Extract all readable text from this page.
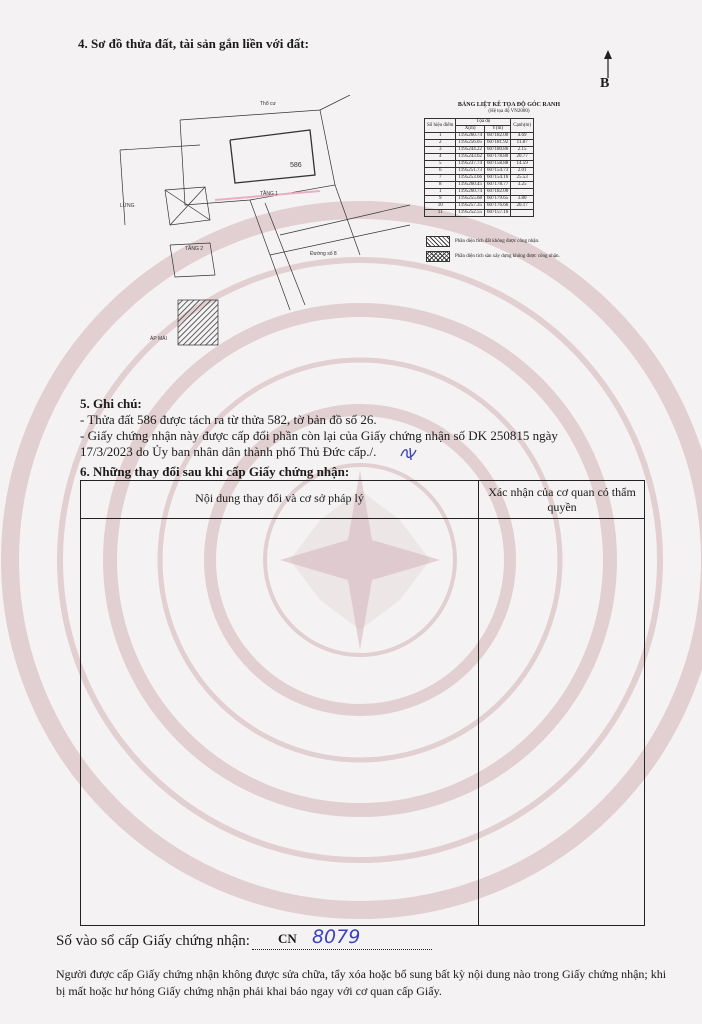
4. Sơ đồ thửa đất, tài sản gắn liền với đất:
B
Thổ cư
TẦNG 1
TẦNG 2
LỬNG
ÁP MÁI
586
Đường số 8
BẢNG LIỆT KÊ TỌA ĐỘ GÓC RANH
(Hệ tọa độ VN2000)
Số hiệu điểm	Tọa độ		Cạnh(m)
	X(m)	Y(m)	
1	1195260.74	607182.00	4.69
2	1195256.05	607181.92	11.87
3	1195244.22	607180.86	2.15
4	1195243.62	607178.80	20.77
5	1195237.74	607158.88	14.59
6	1195251.73	607154.73	2.01
7	1195253.66	607154.16	25.53
8	1195260.45	607178.77	3.25
1	1195260.74	607182.00	
9	1195255.68	607179.65	3.80
10	1195257.35	607176.66	20.17
11	1195252.55	607157.16	
Phần diện tích đất không được công nhận.
Phần diện tích sàn xây dựng không được công nhận.
5. Ghi chú:
- Thửa đất 586 được tách ra từ thửa 582, tờ bản đồ số 26.
- Giấy chứng nhận này được cấp đổi phần còn lại của Giấy chứng nhận số DK 250815 ngày
17/3/2023 do Ủy ban nhân dân thành phố Thủ Đức cấp./.
6. Những thay đổi sau khi cấp Giấy chứng nhận:
Nội dung thay đổi và cơ sở pháp lý	Xác nhận của cơ quan có thẩm quyền
Số vào sổ cấp Giấy chứng nhận: CN 8079
Người được cấp Giấy chứng nhận không được sửa chữa, tẩy xóa hoặc bổ sung bất kỳ nội dung nào trong Giấy chứng nhận; khi bị mất hoặc hư hỏng Giấy chứng nhận phải khai báo ngay với cơ quan cấp Giấy.
